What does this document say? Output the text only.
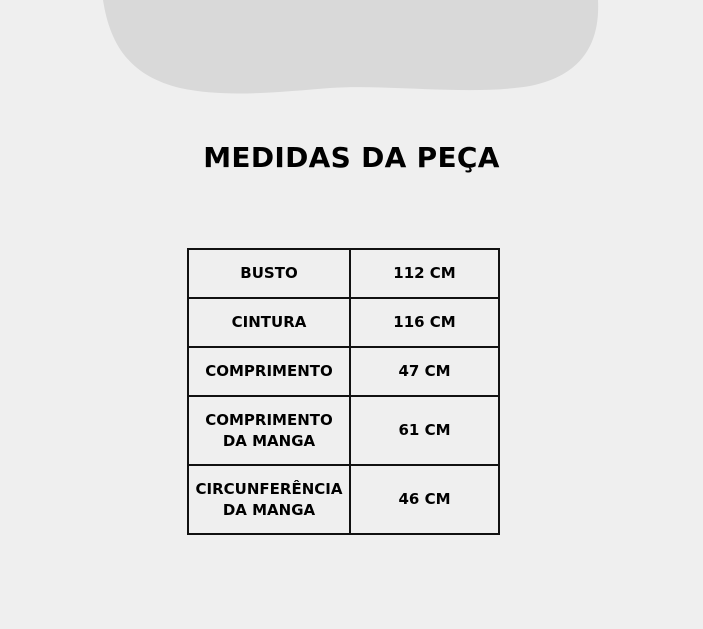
MEDIDAS DA PEÇA
BUSTO	112 CM
CINTURA	116 CM
COMPRIMENTO	47 CM
COMPRIMENTO DA MANGA	61 CM
CIRCUNFERÊNCIA DA MANGA	46 CM
